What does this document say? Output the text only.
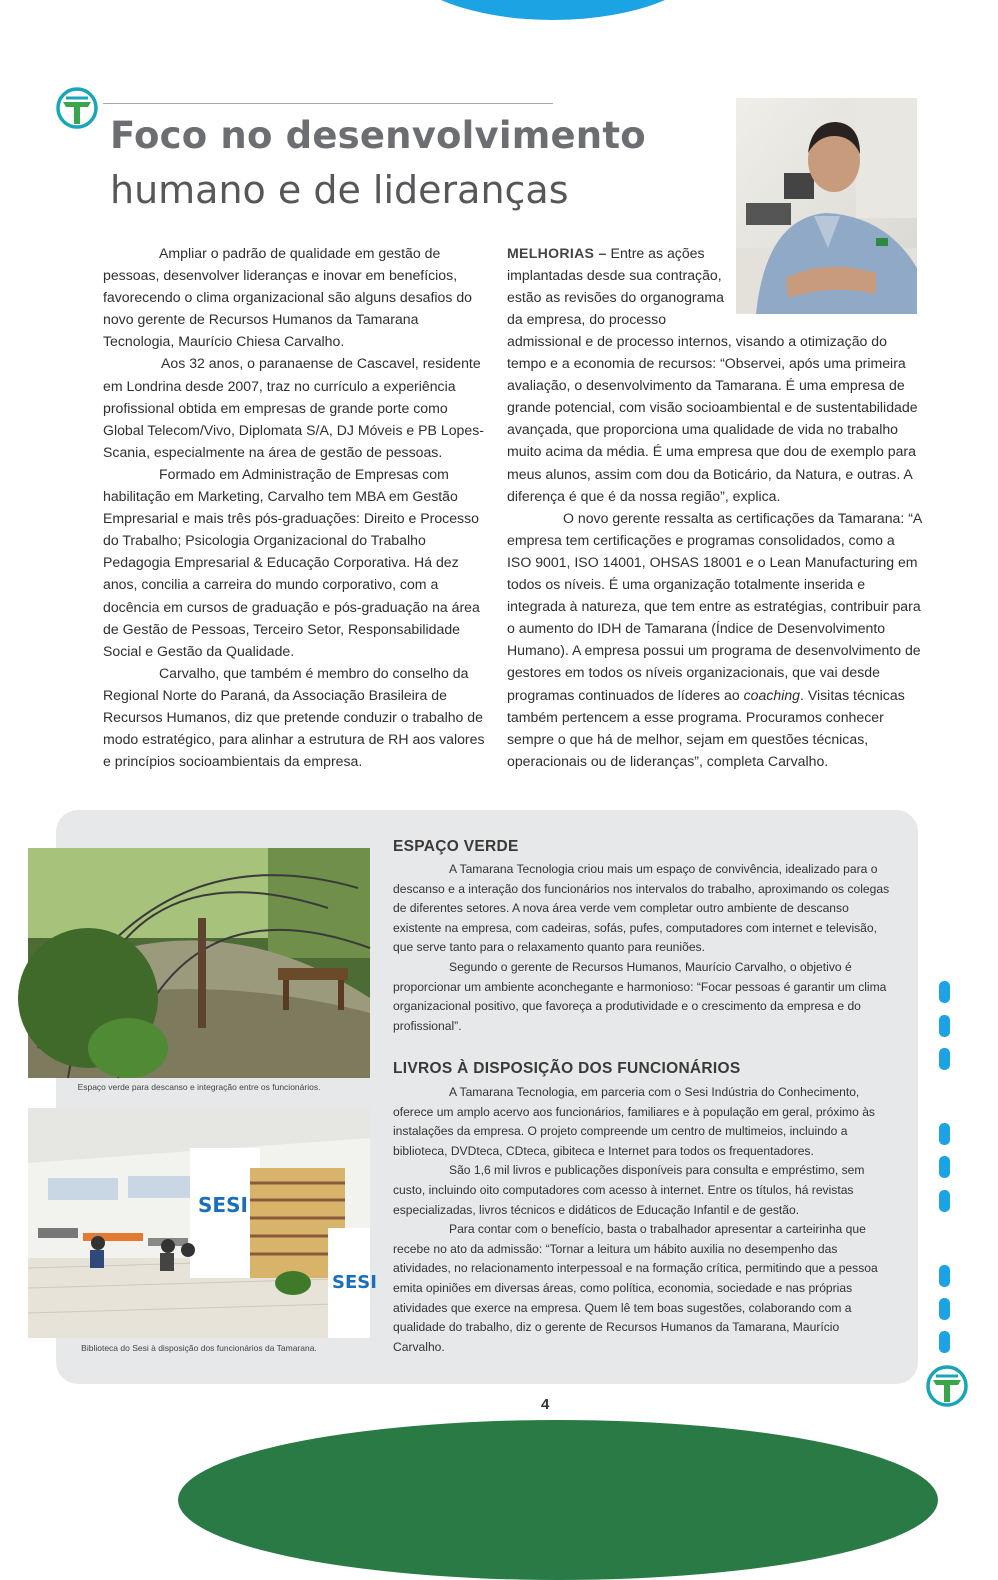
Foco no desenvolvimento
humano e de lideranças

Ampliar o padrão de qualidade em gestão de pessoas, desenvolver lideranças e inovar em benefícios, favorecendo o clima organizacional são alguns desafios do novo gerente de Recursos Humanos da Tamarana Tecnologia, Maurício Chiesa Carvalho.

Aos 32 anos, o paranaense de Cascavel, residente em Londrina desde 2007, traz no currículo a experiência profissional obtida em empresas de grande porte como Global Telecom/Vivo, Diplomata S/A, DJ Móveis e PB Lopes-Scania, especialmente na área de gestão de pessoas.

Formado em Administração de Empresas com habilitação em Marketing, Carvalho tem MBA em Gestão Empresarial e mais três pós-graduações: Direito e Processo do Trabalho; Psicologia Organizacional do Trabalho Pedagogia Empresarial & Educação Corporativa. Há dez anos, concilia a carreira do mundo corporativo, com a docência em cursos de graduação e pós-graduação na área de Gestão de Pessoas, Terceiro Setor, Responsabilidade Social e Gestão da Qualidade.

Carvalho, que também é membro do conselho da Regional Norte do Paraná, da Associação Brasileira de Recursos Humanos, diz que pretende conduzir o trabalho de modo estratégico, para alinhar a estrutura de RH aos valores e princípios socioambientais da empresa.

MELHORIAS – Entre as ações implantadas desde sua contração, estão as revisões do organograma da empresa, do processo

admissional e de processo internos, visando a otimização do tempo e a economia de recursos: “Observei, após uma primeira avaliação, o desenvolvimento da Tamarana. É uma empresa de grande potencial, com visão socioambiental e de sustentabilidade avançada, que proporciona uma qualidade de vida no trabalho muito acima da média. É uma empresa que dou de exemplo para meus alunos, assim com dou da Boticário, da Natura, e outras. A diferença é que é da nossa região”, explica.

O novo gerente ressalta as certificações da Tamarana: “A empresa tem certificações e programas consolidados, como a ISO 9001, ISO 14001, OHSAS 18001 e o Lean Manufacturing em todos os níveis. É uma organização totalmente inserida e integrada à natureza, que tem entre as estratégias, contribuir para o aumento do IDH de Tamarana (Índice de Desenvolvimento Humano). A empresa possui um programa de desenvolvimento de gestores em todos os níveis organizacionais, que vai desde programas continuados de líderes ao coaching. Visitas técnicas também pertencem a esse programa. Procuramos conhecer sempre o que há de melhor, sejam em questões técnicas, operacionais ou de lideranças”, completa Carvalho.

Espaço verde para descanso e integração entre os funcionários.
SESI
SESI
Biblioteca do Sesi à disposição dos funcionários da Tamarana.
ESPAÇO VERDE

A Tamarana Tecnologia criou mais um espaço de convivência, idealizado para o descanso e a interação dos funcionários nos intervalos do trabalho, aproximando os colegas de diferentes setores. A nova área verde vem completar outro ambiente de descanso existente na empresa, com cadeiras, sofás, pufes, computadores com internet e televisão, que serve tanto para o relaxamento quanto para reuniões.

Segundo o gerente de Recursos Humanos, Maurício Carvalho, o objetivo é proporcionar um ambiente aconchegante e harmonioso: “Focar pessoas é garantir um clima organizacional positivo, que favoreça a produtividade e o crescimento da empresa e do profissional”.

LIVROS À DISPOSIÇÃO DOS FUNCIONÁRIOS

A Tamarana Tecnologia, em parceria com o Sesi Indústria do Conhecimento, oferece um amplo acervo aos funcionários, familiares e à população em geral, próximo às instalações da empresa. O projeto compreende um centro de multimeios, incluindo a biblioteca, DVDteca, CDteca, gibiteca e Internet para todos os frequentadores.

São 1,6 mil livros e publicações disponíveis para consulta e empréstimo, sem custo, incluindo oito computadores com acesso à internet. Entre os títulos, há revistas especializadas, livros técnicos e didáticos de Educação Infantil e de gestão.

Para contar com o benefício, basta o trabalhador apresentar a carteirinha que recebe no ato da admissão: “Tornar a leitura um hábito auxilia no desempenho das atividades, no relacionamento interpessoal e na formação crítica, permitindo que a pessoa emita opiniões em diversas áreas, como política, economia, sociedade e nas próprias atividades que exerce na empresa. Quem lê tem boas sugestões, colaborando com a qualidade do trabalho, diz o gerente de Recursos Humanos da Tamarana, Maurício Carvalho.

4
